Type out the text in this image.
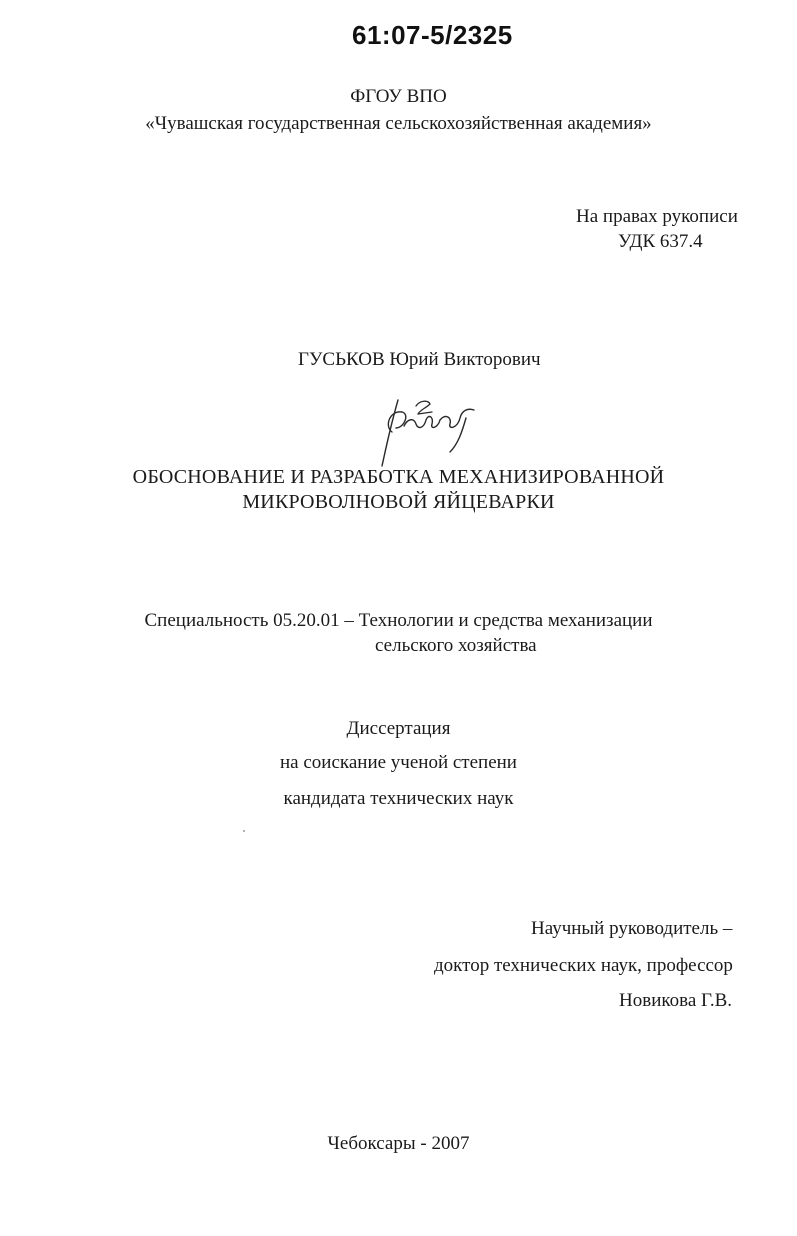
61:07-5/2325
ФГОУ ВПО
«Чувашская государственная сельскохозяйственная академия»
На правах рукописи
УДК 637.4
ГУСЬКОВ Юрий Викторович
ОБОСНОВАНИЕ И РАЗРАБОТКА МЕХАНИЗИРОВАННОЙ
МИКРОВОЛНОВОЙ ЯЙЦЕВАРКИ
Специальность 05.20.01 – Технологии и средства механизации
сельского хозяйства
Диссертация
на соискание ученой степени
кандидата технических наук
Научный руководитель –
доктор технических наук, профессор
Новикова Г.В.
Чебоксары - 2007
